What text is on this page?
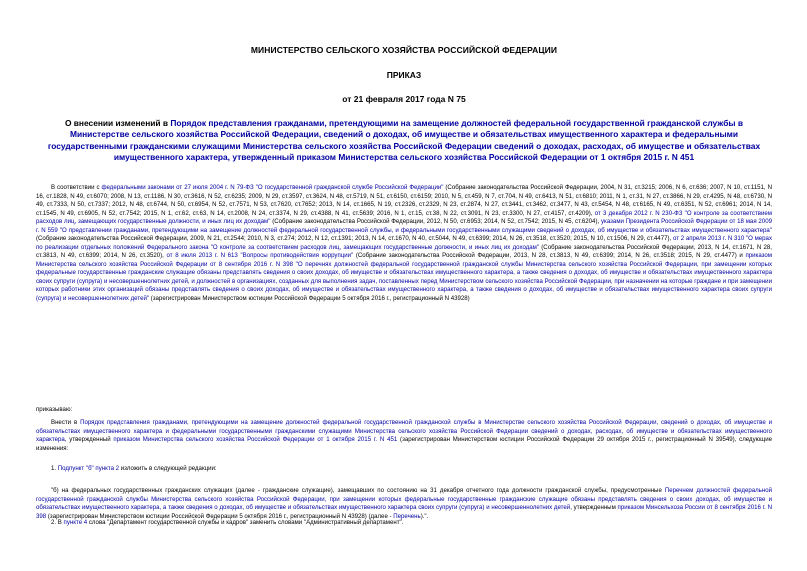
МИНИСТЕРСТВО СЕЛЬСКОГО ХОЗЯЙСТВА РОССИЙСКОЙ ФЕДЕРАЦИИ
ПРИКАЗ
от 21 февраля 2017 года N 75
О внесении изменений в Порядок представления гражданами, претендующими на замещение должностей федеральной государственной гражданской службы в Министерстве сельского хозяйства Российской Федерации, сведений о доходах, об имуществе и обязательствах имущественного характера и федеральными государственными гражданскими служащими Министерства сельского хозяйства Российской Федерации сведений о доходах, расходах, об имуществе и обязательствах имущественного характера, утвержденный приказом Министерства сельского хозяйства Российской Федерации от 1 октября 2015 г. N 451
В соответствии с федеральными законами от 27 июля 2004 г. N 79-ФЗ "О государственной гражданской службе Российской Федерации" (Собрание законодательства Российской Федерации, 2004, N 31, ст.3215; 2006, N 6, ст.636; 2007, N 10, ст.1151, N 16, ст.1828, N 49, ст.6070; 2008, N 13, ст.1186, N 30, ст.3616, N 52, ст.6235; 2009, N 29, ст.3597, ст.3624, N 48, ст.5719, N 51, ст.6150, ст.6159; 2010, N 5, ст.459, N 7, ст.704, N 49, ст.6413, N 51, ст.6810; 2011, N 1, ст.31, N 27, ст.3866, N 29, ст.4295, N 48, ст.6730, N 49, ст.7333, N 50, ст.7337; 2012, N 48, ст.6744, N 50, ст.6954, N 52, ст.7571, N 53, ст.7620, ст.7652; 2013, N 14, ст.1665, N 19, ст.2326, ст.2329, N 23, ст.2874, N 27, ст.3441, ст.3462, ст.3477, N 43, ст.5454, N 48, ст.6165, N 49, ст.6351, N 52, ст.6961; 2014, N 14, ст.1545, N 49, ст.6905, N 52, ст.7542; 2015, N 1, ст.62, ст.63, N 14, ст.2008, N 24, ст.3374, N 29, ст.4388, N 41, ст.5639; 2016, N 1, ст.15, ст.38, N 22, ст.3091, N 23, ст.3300, N 27, ст.4157, ст.4209), от 3 декабря 2012 г. N 230-ФЗ "О контроле за соответствием расходов лиц, замещающих государственные должности, и иных лиц их доходам" (Собрание законодательства Российской Федерации, 2012, N 50, ст.6953; 2014, N 52, ст.7542; 2015, N 45, ст.6204), указами Президента Российской Федерации от 18 мая 2009 г. N 559 "О представлении гражданами, претендующими на замещение должностей федеральной государственной службы, и федеральными государственными служащими сведений о доходах, об имуществе и обязательствах имущественного характера" (Собрание законодательства Российской Федерации, 2009, N 21, ст.2544; 2010, N 3, ст.274; 2012, N 12, ст.1391; 2013, N 14, ст.1670, N 40, ст.5044, N 49, ст.6399; 2014, N 26, ст.3518, ст.3520; 2015, N 10, ст.1506, N 29, ст.4477), от 2 апреля 2013 г. N 310 "О мерах по реализации отдельных положений Федерального закона "О контроле за соответствием расходов лиц, замещающих государственные должности, и иных лиц их доходам" (Собрание законодательства Российской Федерации, 2013, N 14, ст.1671, N 28, ст.3813, N 49, ст.6399; 2014, N 26, ст.3520), от 8 июля 2013 г. N 613 "Вопросы противодействия коррупции" (Собрание законодательства Российской Федерации, 2013, N 28, ст.3813, N 49, ст.6399; 2014, N 26, ст.3518; 2015, N 29, ст.4477) и приказом Министерства сельского хозяйства Российской Федерации от 8 сентября 2016 г. N 398 "О перечнях должностей федеральной государственной гражданской службы Министерства сельского хозяйства Российской Федерации, при замещении которых федеральные государственные гражданские служащие обязаны представлять сведения о своих доходах, об имуществе и обязательствах имущественного характера, а также сведения о доходах, об имуществе и обязательствах имущественного характера своих супруги (супруга) и несовершеннолетних детей, и должностей в организациях, созданных для выполнения задач, поставленных перед Министерством сельского хозяйства Российской Федерации, при назначении на которые граждане и при замещении которых работники этих организаций обязаны представлять сведения о своих доходах, об имуществе и обязательствах имущественного характера, а также сведения о доходах, об имуществе и обязательствах имущественного характера своих супруги (супруга) и несовершеннолетних детей" (зарегистрирован Министерством юстиции Российской Федерации 5 октября 2016 г., регистрационный N 43928)
приказываю:
Внести в Порядок представления гражданами, претендующими на замещение должностей федеральной государственной гражданской службы в Министерстве сельского хозяйства Российской Федерации, сведений о доходах, об имуществе и обязательствах имущественного характера и федеральными государственными гражданскими служащими Министерства сельского хозяйства Российской Федерации сведений о доходах, расходах, об имуществе и обязательствах имущественного характера, утвержденный приказом Министерства сельского хозяйства Российской Федерации от 1 октября 2015 г. N 451 (зарегистрирован Министерством юстиции Российской Федерации 29 октября 2015 г., регистрационный N 39549), следующие изменения:
1. Подпункт "б" пункта 2 изложить в следующей редакции:
"б) на федеральных государственных гражданских служащих (далее - гражданские служащие), замещавших по состоянию на 31 декабря отчетного года должности гражданской службы, предусмотренные Перечнем должностей федеральной государственной гражданской службы Министерства сельского хозяйства Российской Федерации, при замещении которых федеральные государственные гражданские служащие обязаны представлять сведения о своих доходах, об имуществе и обязательствах имущественного характера, а также сведения о доходах, об имуществе и обязательствах имущественного характера своих супруги (супруга) и несовершеннолетних детей, утвержденным приказом Минсельхоза России от 8 сентября 2016 г. N 398 (зарегистрирован Министерством юстиции Российской Федерации 5 октября 2016 г., регистрационный N 43928) (далее - Перечень).".
2. В пункте 4 слова "Департамент государственной службы и кадров" заменить словами "Административный департамент".
